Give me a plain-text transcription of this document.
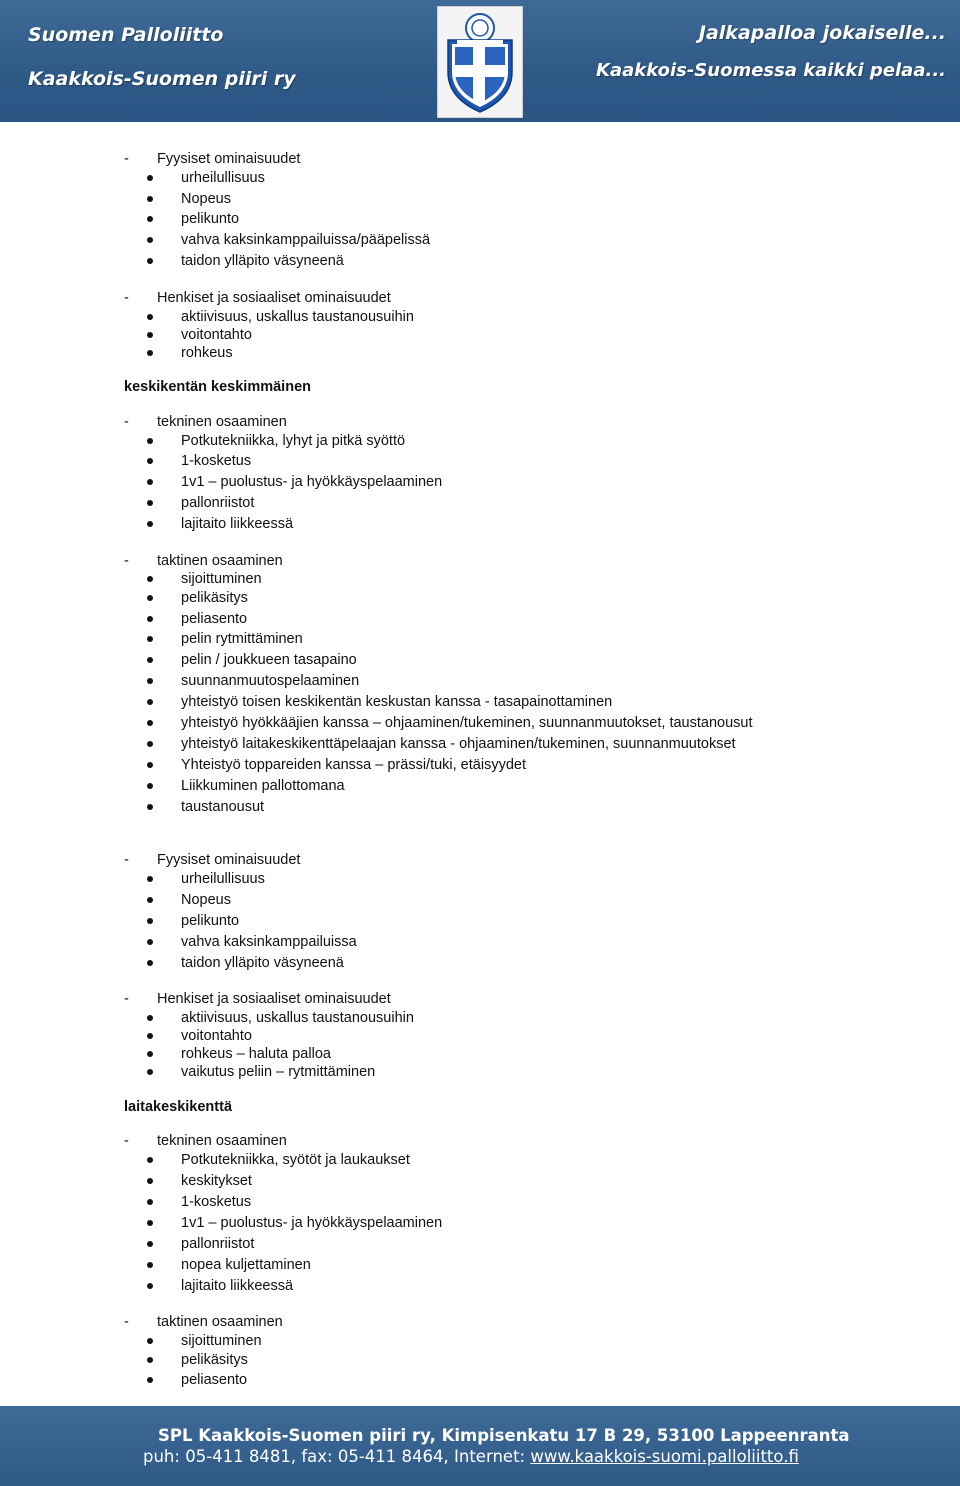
Suomen Palloliitto
Kaakkois-Suomen piiri ry
Jalkapalloa jokaiselle...
Kaakkois-Suomessa kaikki pelaa...
- Fyysiset ominaisuudet
urheilullisuus
Nopeus
pelikunto
vahva kaksinkamppailuissa/pääpelissä
taidon ylläpito väsyneenä
- Henkiset ja sosiaaliset ominaisuudet
aktiivisuus, uskallus taustanousuihin
voitontahto
rohkeus
keskikentän keskimmäinen
- tekninen osaaminen
Potkutekniikka, lyhyt ja pitkä syöttö
1-kosketus
1v1 – puolustus- ja hyökkäyspelaaminen
pallonriistot
lajitaito liikkeessä
- taktinen osaaminen
sijoittuminen
pelikäsitys
peliasento
pelin rytmittäminen
pelin / joukkueen tasapaino
suunnanmuutospelaaminen
yhteistyö toisen keskikentän keskustan kanssa - tasapainottaminen
yhteistyö hyökkääjien kanssa – ohjaaminen/tukeminen, suunnanmuutokset, taustanousut
yhteistyö laitakeskikenttäpelaajan kanssa - ohjaaminen/tukeminen, suunnanmuutokset
Yhteistyö toppareiden kanssa – prässi/tuki, etäisyydet
Liikkuminen pallottomana
taustanousut
- Fyysiset ominaisuudet
urheilullisuus
Nopeus
pelikunto
vahva kaksinkamppailuissa
taidon ylläpito väsyneenä
- Henkiset ja sosiaaliset ominaisuudet
aktiivisuus, uskallus taustanousuihin
voitontahto
rohkeus – haluta palloa
vaikutus peliin – rytmittäminen
laitakeskikenttä
- tekninen osaaminen
Potkutekniikka, syötöt ja laukaukset
keskitykset
1-kosketus
1v1 – puolustus- ja hyökkäyspelaaminen
pallonriistot
nopea kuljettaminen
lajitaito liikkeessä
- taktinen osaaminen
sijoittuminen
pelikäsitys
peliasento
SPL Kaakkois-Suomen piiri ry, Kimpisenkatu 17 B 29, 53100 Lappeenranta
puh: 05-411 8481, fax: 05-411 8464, Internet: www.kaakkois-suomi.palloliitto.fi
